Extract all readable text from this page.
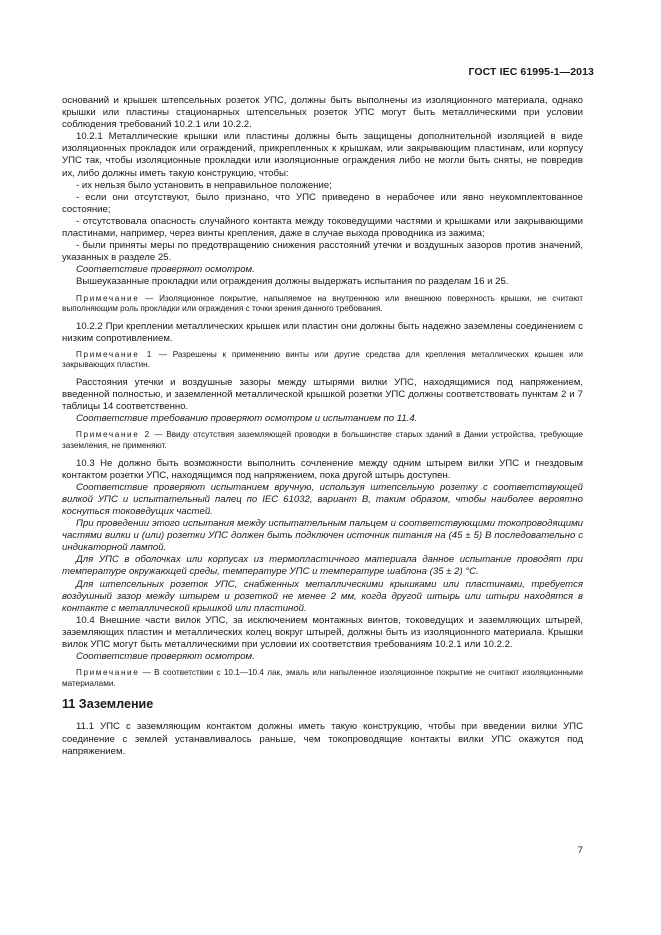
ГОСТ IEC 61995-1—2013

оснований и крышек штепсельных розеток УПС, должны быть выполнены из изоляционного материала, однако крышки или пластины стационарных штепсельных розеток УПС могут быть металлическими при условии соблюдения требований 10.2.1 или 10.2.2.

10.2.1 Металлические крышки или пластины должны быть защищены дополнительной изоляцией в виде изоляционных прокладок или ограждений, прикрепленных к крышкам, или закрывающим пластинам, или корпусу УПС так, чтобы изоляционные прокладки или изоляционные ограждения либо не могли быть сняты, не повредив их, либо должны иметь такую конструкцию, чтобы:

- их нельзя было установить в неправильное положение;

- если они отсутствуют, было признано, что УПС приведено в нерабочее или явно неукомплектованное состояние;

- отсутствовала опасность случайного контакта между токоведущими частями и крышками или закрывающими пластинами, например, через винты крепления, даже в случае выхода проводника из зажима;

- были приняты меры по предотвращению снижения расстояний утечки и воздушных зазоров против значений, указанных в разделе 25.

Соответствие проверяют осмотром.

Вышеуказанные прокладки или ограждения должны выдержать испытания по разделам 16 и 25.

Примечание — Изоляционное покрытие, напыляемое на внутреннюю или внешнюю поверхность крышки, не считают выполняющим роль прокладки или ограждения с точки зрения данного требования.

10.2.2 При креплении металлических крышек или пластин они должны быть надежно заземлены соединением с низким сопротивлением.

Примечание 1 — Разрешены к применению винты или другие средства для крепления металлических крышек или закрывающих пластин.

Расстояния утечки и воздушные зазоры между штырями вилки УПС, находящимися под напряжением, введенной полностью, и заземленной металлической крышкой розетки УПС должны соответствовать пунктам 2 и 7 таблицы 14 соответственно.

Соответствие требованию проверяют осмотром и испытанием по 11.4.

Примечание 2 — Ввиду отсутствия заземляющей проводки в большинстве старых зданий в Дании устройства, требующие заземления, не применяют.

10.3 Не должно быть возможности выполнить сочленение между одним штырем вилки УПС и гнездовым контактом розетки УПС, находящимся под напряжением, пока другой штырь доступен.

Соответствие проверяют испытанием вручную, используя штепсельную розетку с соответствующей вилкой УПС и испытательный палец по IEC 61032, вариант B, таким образом, чтобы наиболее вероятно коснуться токоведущих частей.

При проведении этого испытания между испытательным пальцем и соответствующими токопроводящими частями вилки и (или) розетки УПС должен быть подключен источник питания на (45 ± 5) В последовательно с индикаторной лампой.

Для УПС в оболочках или корпусах из термопластичного материала данное испытание проводят при температуре окружающей среды, температуре УПС и температуре шаблона (35 ± 2) °С.

Для штепсельных розеток УПС, снабженных металлическими крышками или пластинами, требуется воздушный зазор между штырем и розеткой не менее 2 мм, когда другой штырь или штыри находятся в контакте с металлической крышкой или пластиной.

10.4 Внешние части вилок УПС, за исключением монтажных винтов, токоведущих и заземляющих штырей, заземляющих пластин и металлических колец вокруг штырей, должны быть из изоляционного материала. Крышки вилок УПС могут быть металлическими при условии их соответствия требованиям 10.2.1 или 10.2.2.

Соответствие проверяют осмотром.

Примечание — В соответствии с 10.1—10.4 лак, эмаль или напыленное изоляционное покрытие не считают изоляционными материалами.

11 Заземление

11.1 УПС с заземляющим контактом должны иметь такую конструкцию, чтобы при введении вилки УПС соединение с землей устанавливалось раньше, чем токопроводящие контакты вилки УПС окажутся под напряжением.

7
